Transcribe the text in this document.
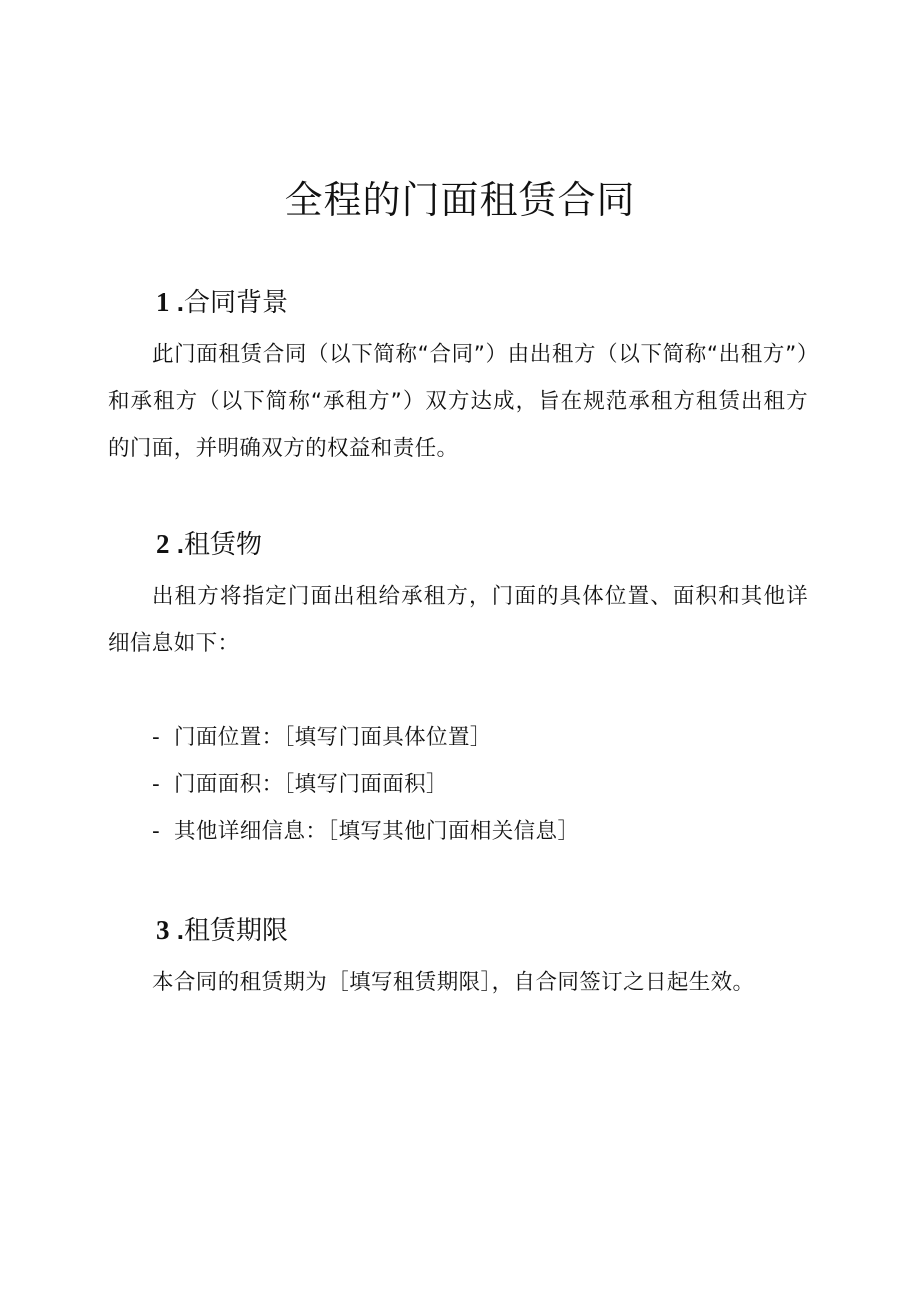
全程的门面租赁合同
1 .合同背景

此门面租赁合同（以下简称“合同”）由出租方（以下简称“出租方”）和承租方（以下简称“承租方”）双方达成，旨在规范承租方租赁出租方的门面，并明确双方的权益和责任。

2 .租赁物

出租方将指定门面出租给承租方，门面的具体位置、面积和其他详细信息如下：

- 门面位置：［填写门面具体位置］
- 门面面积：［填写门面面积］
- 其他详细信息：［填写其他门面相关信息］
3 .租赁期限

本合同的租赁期为［填写租赁期限］，自合同签订之日起生效。
